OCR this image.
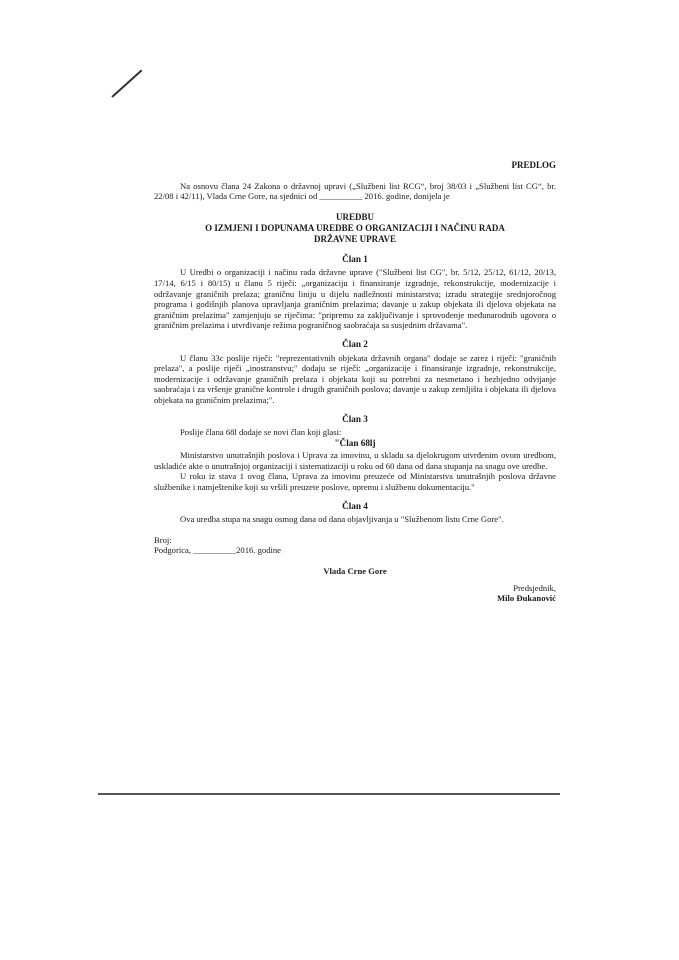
PREDLOG

Na osnovu člana 24 Zakona o državnoj upravi („Službeni list RCG“, broj 38/03 i „Službeni list CG“, br. 22/08 i 42/11), Vlada Crne Gore, na sjednici od __________ 2016. godine, donijela je

UREDBU
O IZMJENI I DOPUNAMA UREDBE O ORGANIZACIJI I NAČINU RADA
DRŽAVNE UPRAVE
Član 1

U Uredbi o organizaciji i načinu rada državne uprave ("Službeni list CG", br. 5/12, 25/12, 61/12, 20/13, 17/14, 6/15 i 80/15) u članu 5 riječi: „organizaciju i finansiranje izgradnje, rekonstrukcije, modernizacije i održavanje graničnih prelaza; graničnu liniju u dijelu nadležnosti ministarstva; izradu strategije srednjoročnog programa i godišnjih planova upravljanja graničnim prelazima; davanje u zakup objekata ili djelova objekata na graničnim prelazima" zamjenjuju se riječima: "pripremu za zaključivanje i sprovođenje međunarodnih ugovora o graničnim prelazima i utvrđivanje režima pograničnog saobraćaja sa susjednim državama".

Član 2

U članu 33c poslije riječi: "reprezentativnih objekata državnih organa" dodaje se zarez i riječi: "graničnih prelaza", a poslije riječi „inostranstvu;" dodaju se riječi: „organizacije i finansiranje izgradnje, rekonstrukcije, modernizacije i održavanje graničnih prelaza i objekata koji su potrebni za nesmetano i bezbjedno odvijanje saobraćaja i za vršenje granične kontrole i drugih graničnih poslova; davanje u zakup zemljišta i objekata ili djelova objekata na graničnim prelazima;".

Član 3

Poslije člana 68l dodaje se novi član koji glasi:

"Član 68lj

Ministarstvo unutrašnjih poslova i Uprava za imovinu, u skladu sa djelokrugom utvrđenim ovom uredbom, uskladiće akte o unutrašnjoj organizaciji i sistematizaciji u roku od 60 dana od dana stupanja na snagu ove uredbe.

U roku iz stava 1 ovog člana, Uprava za imovinu preuzeće od Ministarstva unutrašnjih poslova državne službenike i namještenike koji su vršili preuzete poslove, opremu i službenu dokumentaciju."

Član 4

Ova uredba stupa na snagu osmog dana od dana objavljivanja u "Službenom listu Crne Gore".

Broj:

Podgorica, __________2016. godine

Vlada Crne Gore

Predsjednik,

Milo Đukanović
